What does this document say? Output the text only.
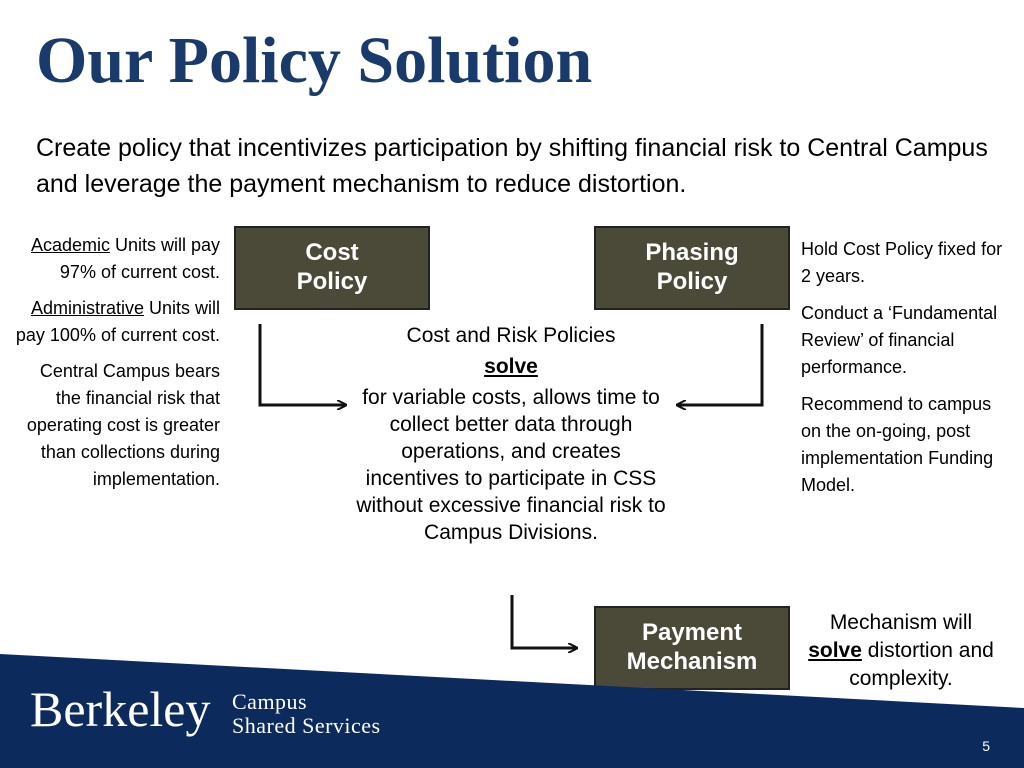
Our Policy Solution

Create policy that incentivizes participation by shifting financial risk to Central Campus and leverage the payment mechanism to reduce distortion.

Cost
Policy
Phasing
Policy
Payment
Mechanism

Academic Units will pay 97% of current cost.

Administrative Units will pay 100% of current cost.

Central Campus bears the financial risk that operating cost is greater than collections during implementation.

Cost and Risk Policies
solve
for variable costs, allows time to collect better data through operations, and creates incentives to participate in CSS without excessive financial risk to Campus Divisions.

Hold Cost Policy fixed for 2 years.

Conduct a ‘Fundamental Review’ of financial performance.

Recommend to campus on the on-going, post implementation Funding Model.

Mechanism will solve distortion and complexity.
Berkeley Campus
Shared Services
5
